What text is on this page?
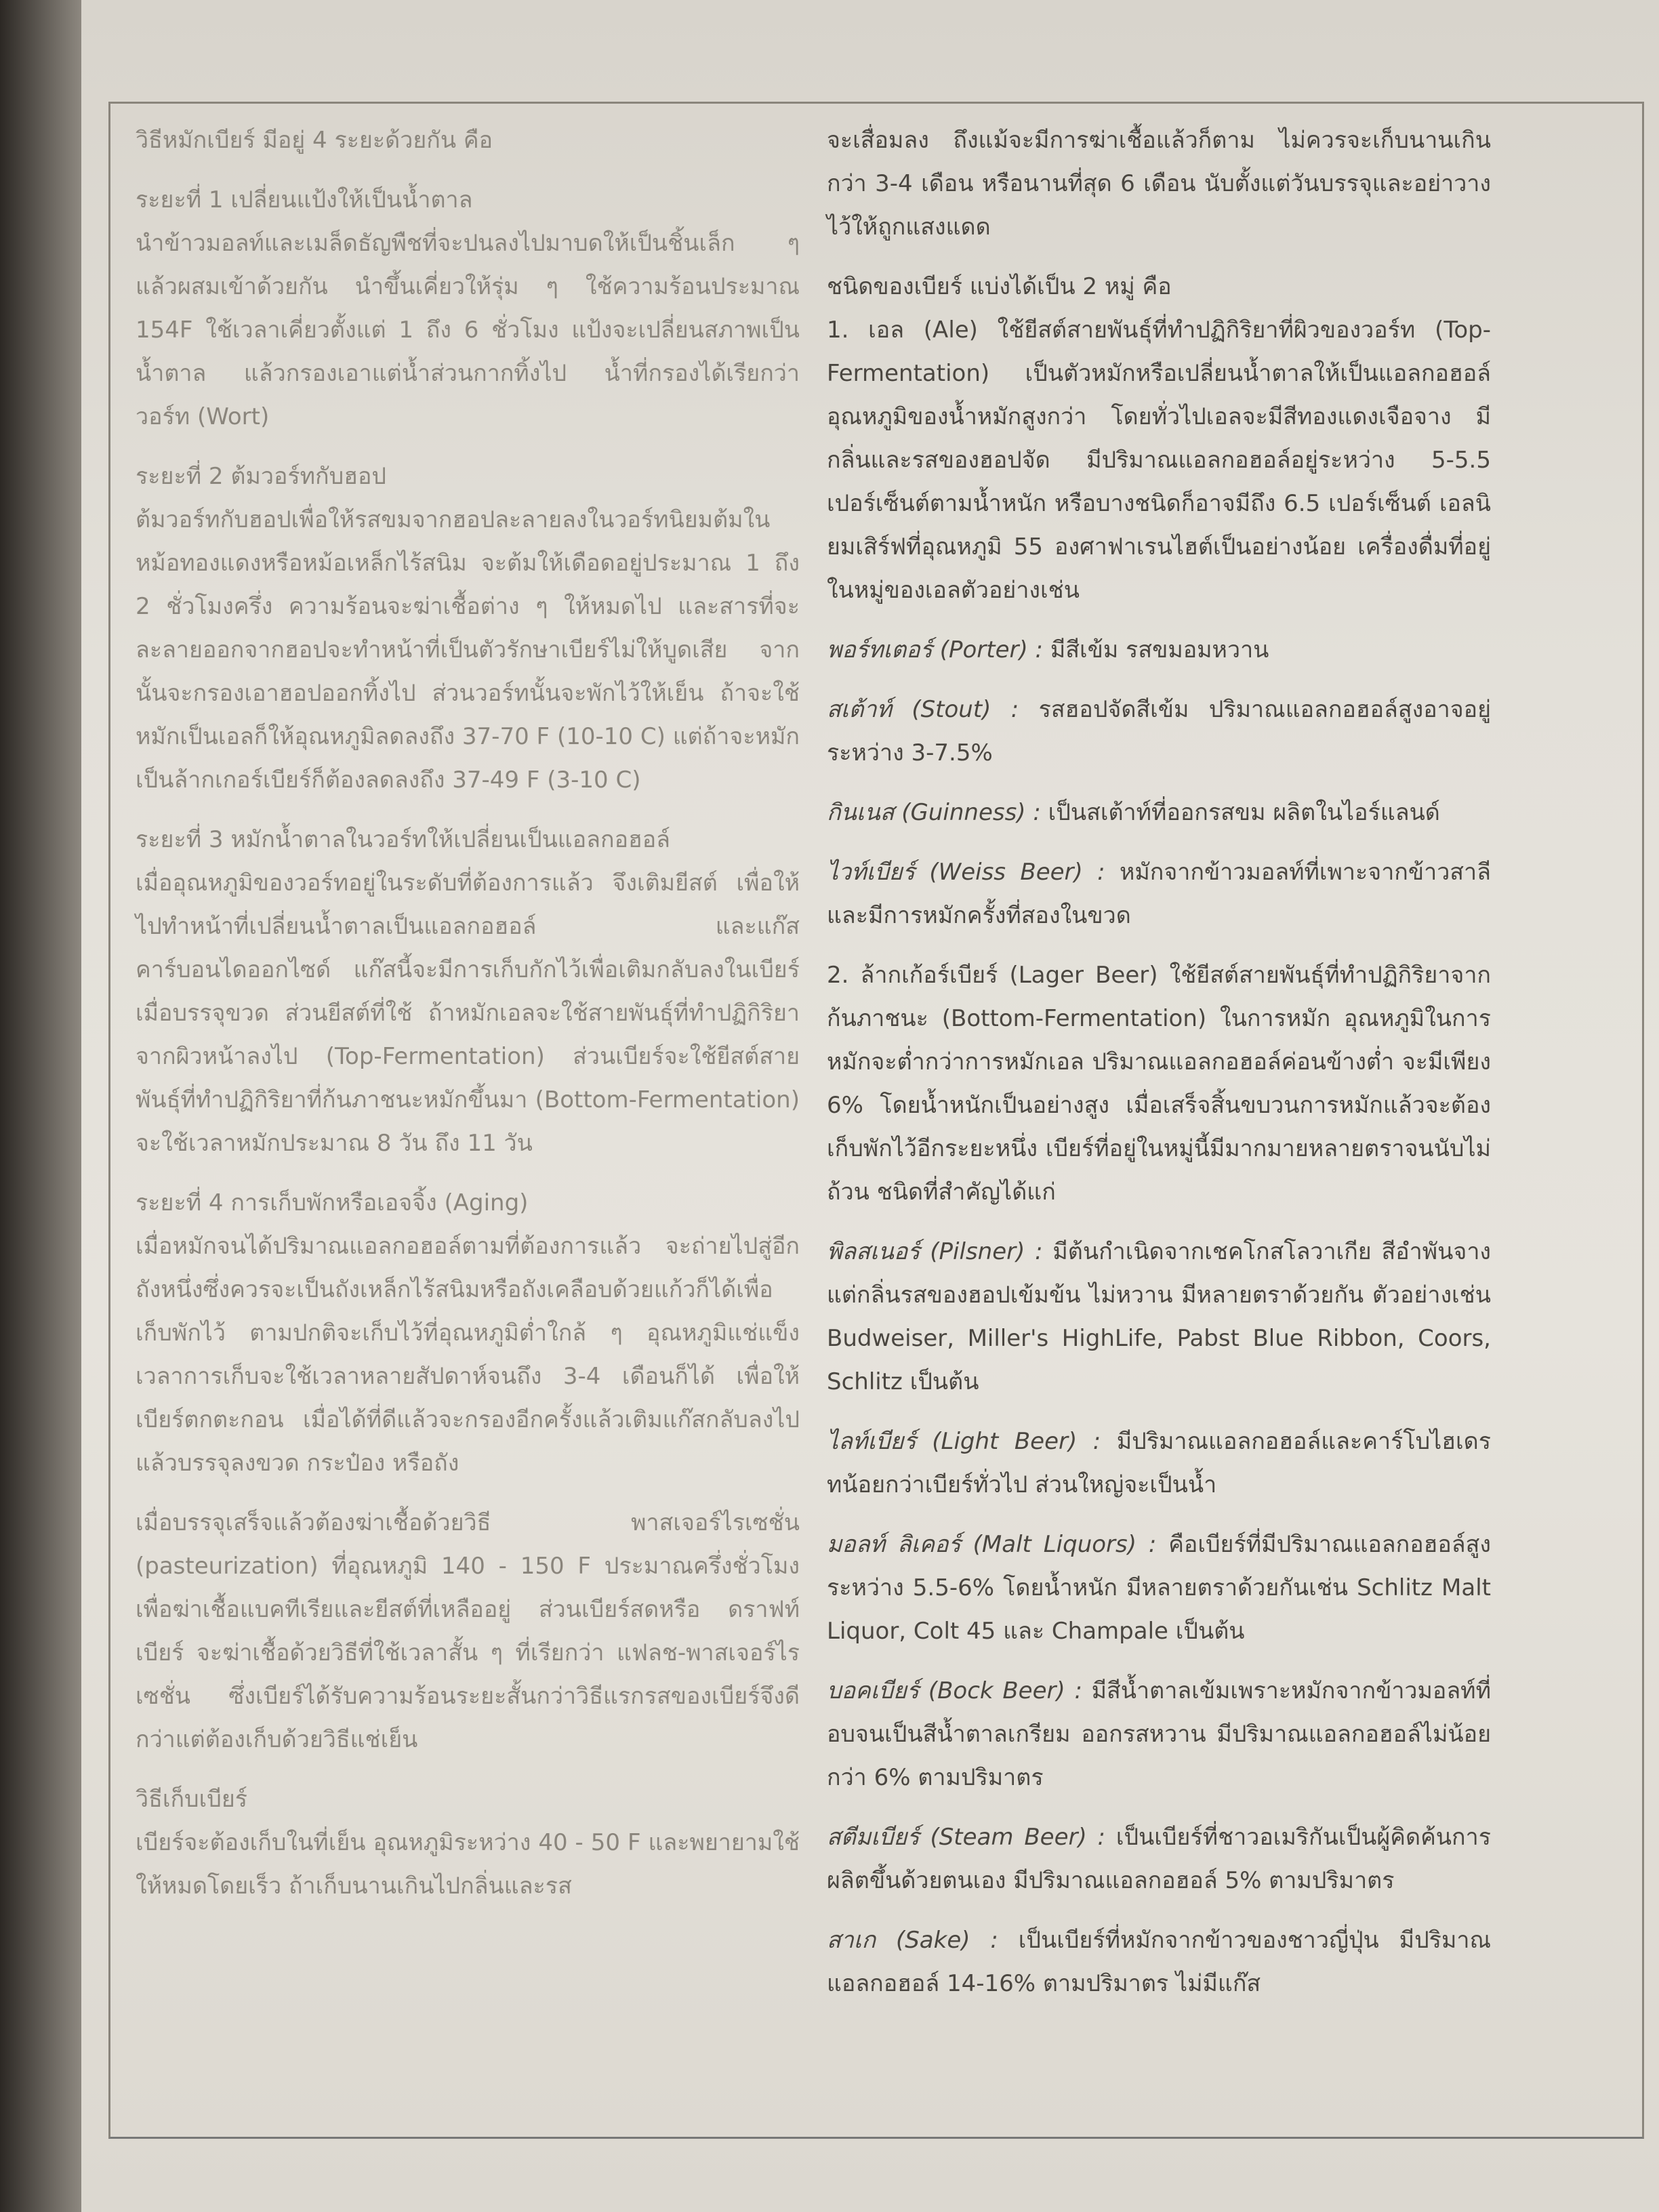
วิธีหมักเบียร์ มีอยู่ 4 ระยะด้วยกัน คือ

ระยะที่ 1 เปลี่ยนแป้งให้เป็นน้ำตาล

นำข้าวมอลท์และเมล็ดธัญพืชที่จะปนลงไปมาบดให้เป็นชิ้นเล็ก ๆ แล้วผสมเข้าด้วยกัน นำขึ้นเคี่ยวให้รุ่ม ๆ ใช้ความร้อนประมาณ 154F ใช้เวลาเคี่ยวตั้งแต่ 1 ถึง 6 ชั่วโมง แป้งจะเปลี่ยนสภาพเป็นน้ำตาล แล้วกรองเอาแต่น้ำส่วนกากทิ้งไป น้ำที่กรองได้เรียกว่า วอร์ท (Wort)

ระยะที่ 2 ต้มวอร์ทกับฮอป

ต้มวอร์ทกับฮอปเพื่อให้รสขมจากฮอปละลายลงในวอร์ทนิยมต้มในหม้อทองแดงหรือหม้อเหล็กไร้สนิม จะต้มให้เดือดอยู่ประมาณ 1 ถึง 2 ชั่วโมงครึ่ง ความร้อนจะฆ่าเชื้อต่าง ๆ ให้หมดไป และสารที่จะละลายออกจากฮอปจะทำหน้าที่เป็นตัวรักษาเบียร์ไม่ให้บูดเสีย จากนั้นจะกรองเอาฮอปออกทิ้งไป ส่วนวอร์ทนั้นจะพักไว้ให้เย็น ถ้าจะใช้หมักเป็นเอลก็ให้อุณหภูมิลดลงถึง 37-70 F (10-10 C) แต่ถ้าจะหมักเป็นล้ากเกอร์เบียร์ก็ต้องลดลงถึง 37-49 F (3-10 C)

ระยะที่ 3 หมักน้ำตาลในวอร์ทให้เปลี่ยนเป็นแอลกอฮอล์

เมื่ออุณหภูมิของวอร์ทอยู่ในระดับที่ต้องการแล้ว จึงเติมยีสต์ เพื่อให้ไปทำหน้าที่เปลี่ยนน้ำตาลเป็นแอลกอฮอล์ และแก๊สคาร์บอนไดออกไซด์ แก๊สนี้จะมีการเก็บกักไว้เพื่อเติมกลับลงในเบียร์เมื่อบรรจุขวด ส่วนยีสต์ที่ใช้ ถ้าหมักเอลจะใช้สายพันธุ์ที่ทำปฏิกิริยาจากผิวหน้าลงไป (Top-Fermentation) ส่วนเบียร์จะใช้ยีสต์สายพันธุ์ที่ทำปฏิกิริยาที่ก้นภาชนะหมักขึ้นมา (Bottom-Fermentation) จะใช้เวลาหมักประมาณ 8 วัน ถึง 11 วัน

ระยะที่ 4 การเก็บพักหรือเอจจิ้ง (Aging)

เมื่อหมักจนได้ปริมาณแอลกอฮอล์ตามที่ต้องการแล้ว จะถ่ายไปสู่อีกถังหนึ่งซึ่งควรจะเป็นถังเหล็กไร้สนิมหรือถังเคลือบด้วยแก้วก็ได้เพื่อเก็บพักไว้ ตามปกติจะเก็บไว้ที่อุณหภูมิต่ำใกล้ ๆ อุณหภูมิแช่แข็ง เวลาการเก็บจะใช้เวลาหลายสัปดาห์จนถึง 3-4 เดือนก็ได้ เพื่อให้เบียร์ตกตะกอน เมื่อได้ที่ดีแล้วจะกรองอีกครั้งแล้วเติมแก๊สกลับลงไปแล้วบรรจุลงขวด กระป๋อง หรือถัง

เมื่อบรรจุเสร็จแล้วต้องฆ่าเชื้อด้วยวิธี พาสเจอร์ไรเซชั่น (pasteurization) ที่อุณหภูมิ 140 - 150 F ประมาณครึ่งชั่วโมง เพื่อฆ่าเชื้อแบคทีเรียและยีสต์ที่เหลืออยู่ ส่วนเบียร์สดหรือ ดราฟท์เบียร์ จะฆ่าเชื้อด้วยวิธีที่ใช้เวลาสั้น ๆ ที่เรียกว่า แฟลช-พาสเจอร์ไรเซชั่น ซึ่งเบียร์ได้รับความร้อนระยะสั้นกว่าวิธีแรกรสของเบียร์จึงดีกว่าแต่ต้องเก็บด้วยวิธีแช่เย็น

วิธีเก็บเบียร์

เบียร์จะต้องเก็บในที่เย็น อุณหภูมิระหว่าง 40 - 50 F และพยายามใช้ให้หมดโดยเร็ว ถ้าเก็บนานเกินไปกลิ่นและรส

จะเสื่อมลง ถึงแม้จะมีการฆ่าเชื้อแล้วก็ตาม ไม่ควรจะเก็บนานเกินกว่า 3-4 เดือน หรือนานที่สุด 6 เดือน นับตั้งแต่วันบรรจุและอย่าวางไว้ให้ถูกแสงแดด

ชนิดของเบียร์ แบ่งได้เป็น 2 หมู่ คือ

1. เอล (Ale) ใช้ยีสต์สายพันธุ์ที่ทำปฏิกิริยาที่ผิวของวอร์ท (Top-Fermentation) เป็นตัวหมักหรือเปลี่ยนน้ำตาลให้เป็นแอลกอฮอล์ อุณหภูมิของน้ำหมักสูงกว่า โดยทั่วไปเอลจะมีสีทองแดงเจือจาง มีกลิ่นและรสของฮอปจัด มีปริมาณแอลกอฮอล์อยู่ระหว่าง 5-5.5 เปอร์เซ็นต์ตามน้ำหนัก หรือบางชนิดก็อาจมีถึง 6.5 เปอร์เซ็นต์ เอลนิยมเสิร์ฟที่อุณหภูมิ 55 องศาฟาเรนไฮต์เป็นอย่างน้อย เครื่องดื่มที่อยู่ในหมู่ของเอลตัวอย่างเช่น

พอร์ทเตอร์ (Porter) : มีสีเข้ม รสขมอมหวาน

สเต้าท์ (Stout) : รสฮอปจัดสีเข้ม ปริมาณแอลกอฮอล์สูงอาจอยู่ระหว่าง 3-7.5%

กินเนส (Guinness) : เป็นสเต้าท์ที่ออกรสขม ผลิตในไอร์แลนด์

ไวท์เบียร์ (Weiss Beer) : หมักจากข้าวมอลท์ที่เพาะจากข้าวสาลีและมีการหมักครั้งที่สองในขวด

2. ล้ากเก้อร์เบียร์ (Lager Beer) ใช้ยีสต์สายพันธุ์ที่ทำปฏิกิริยาจากก้นภาชนะ (Bottom-Fermentation) ในการหมัก อุณหภูมิในการหมักจะต่ำกว่าการหมักเอล ปริมาณแอลกอฮอล์ค่อนข้างต่ำ จะมีเพียง 6% โดยน้ำหนักเป็นอย่างสูง เมื่อเสร็จสิ้นขบวนการหมักแล้วจะต้องเก็บพักไว้อีกระยะหนึ่ง เบียร์ที่อยู่ในหมู่นี้มีมากมายหลายตราจนนับไม่ถ้วน ชนิดที่สำคัญได้แก่

พิลสเนอร์ (Pilsner) : มีต้นกำเนิดจากเชคโกสโลวาเกีย สีอำพันจาง แต่กลิ่นรสของฮอปเข้มข้น ไม่หวาน มีหลายตราด้วยกัน ตัวอย่างเช่น Budweiser, Miller's HighLife, Pabst Blue Ribbon, Coors, Schlitz เป็นต้น

ไลท์เบียร์ (Light Beer) : มีปริมาณแอลกอฮอล์และคาร์โบไฮเดรทน้อยกว่าเบียร์ทั่วไป ส่วนใหญ่จะเป็นน้ำ

มอลท์ ลิเคอร์ (Malt Liquors) : คือเบียร์ที่มีปริมาณแอลกอฮอล์สูงระหว่าง 5.5-6% โดยน้ำหนัก มีหลายตราด้วยกันเช่น Schlitz Malt Liquor, Colt 45 และ Champale เป็นต้น

บอคเบียร์ (Bock Beer) : มีสีน้ำตาลเข้มเพราะหมักจากข้าวมอลท์ที่อบจนเป็นสีน้ำตาลเกรียม ออกรสหวาน มีปริมาณแอลกอฮอล์ไม่น้อยกว่า 6% ตามปริมาตร

สตีมเบียร์ (Steam Beer) : เป็นเบียร์ที่ชาวอเมริกันเป็นผู้คิดค้นการผลิตขึ้นด้วยตนเอง มีปริมาณแอลกอฮอล์ 5% ตามปริมาตร

สาเก (Sake) : เป็นเบียร์ที่หมักจากข้าวของชาวญี่ปุ่น มีปริมาณแอลกอฮอล์ 14-16% ตามปริมาตร ไม่มีแก๊ส
